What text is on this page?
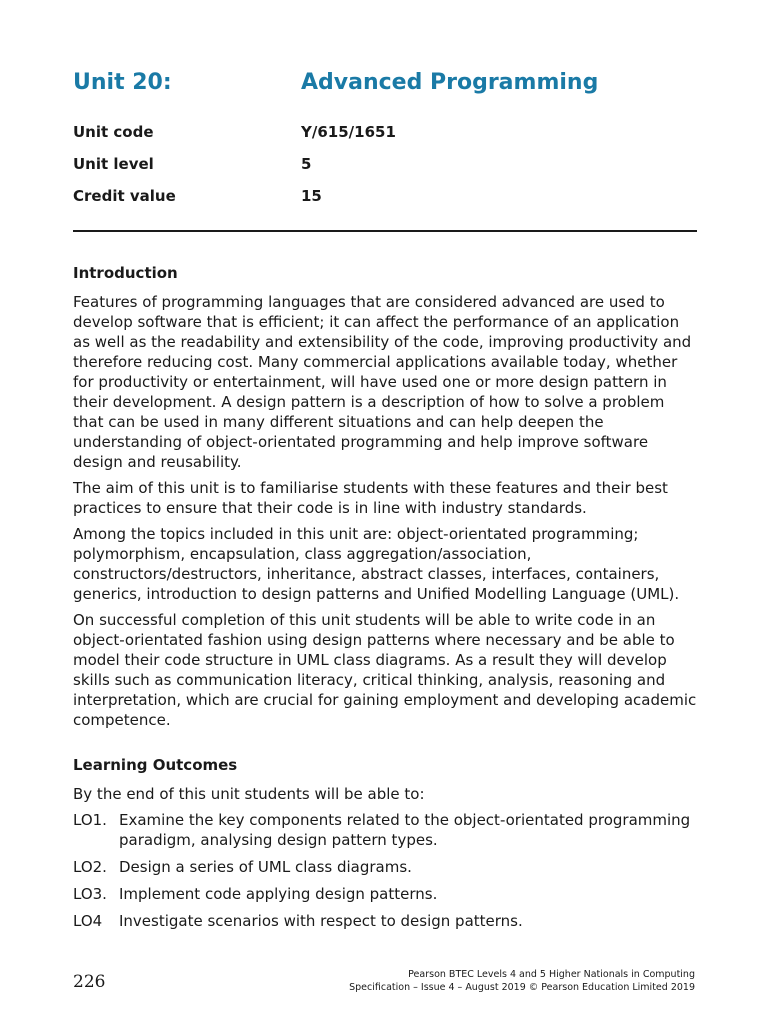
Unit 20:	Advanced Programming
Unit code	Y/615/1651
Unit level	5
Credit value	15
Introduction

Features of programming languages that are considered advanced are used to develop software that is efficient; it can affect the performance of an application as well as the readability and extensibility of the code, improving productivity and therefore reducing cost. Many commercial applications available today, whether for productivity or entertainment, will have used one or more design pattern in their development. A design pattern is a description of how to solve a problem that can be used in many different situations and can help deepen the understanding of object-orientated programming and help improve software design and reusability.

The aim of this unit is to familiarise students with these features and their best practices to ensure that their code is in line with industry standards.

Among the topics included in this unit are: object-orientated programming; polymorphism, encapsulation, class aggregation/association, constructors/destructors, inheritance, abstract classes, interfaces, containers, generics, introduction to design patterns and Unified Modelling Language (UML).

On successful completion of this unit students will be able to write code in an object-orientated fashion using design patterns where necessary and be able to model their code structure in UML class diagrams. As a result they will develop skills such as communication literacy, critical thinking, analysis, reasoning and interpretation, which are crucial for gaining employment and developing academic competence.

Learning Outcomes

By the end of this unit students will be able to:

LO1. Examine the key components related to the object-orientated programming paradigm, analysing design pattern types.
LO2. Design a series of UML class diagrams.
LO3. Implement code applying design patterns.
LO4	Investigate scenarios with respect to design patterns.
226	Pearson BTEC Levels 4 and 5 Higher Nationals in Computing
Specification – Issue 4 – August 2019 © Pearson Education Limited 2019
